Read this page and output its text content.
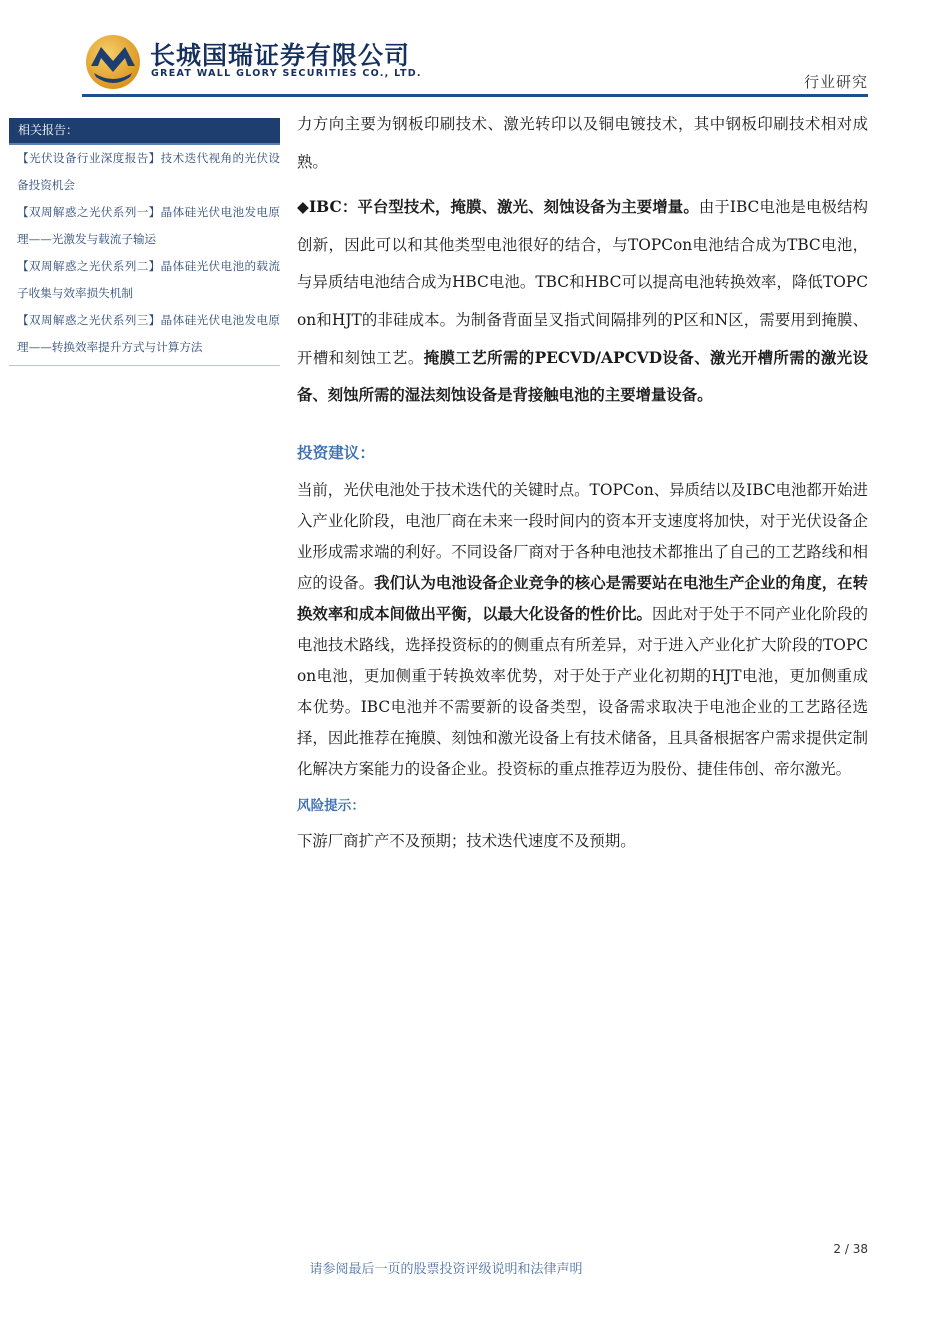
长城国瑞证券有限公司
GREAT WALL GLORY SECURITIES CO., LTD.	行业研究
相关报告：
【光伏设备行业深度报告】技术迭代视角的光伏设备投资机会
【双周解惑之光伏系列一】晶体硅光伏电池发电原理——光激发与载流子输运
【双周解惑之光伏系列二】晶体硅光伏电池的载流子收集与效率损失机制
【双周解惑之光伏系列三】晶体硅光伏电池发电原理——转换效率提升方式与计算方法

力方向主要为钢板印刷技术、激光转印以及铜电镀技术，其中钢板印刷技术相对成熟。

◆IBC：平台型技术，掩膜、激光、刻蚀设备为主要增量。由于IBC电池是电极结构创新，因此可以和其他类型电池很好的结合，与TOPCon电池结合成为TBC电池，与异质结电池结合成为HBC电池。TBC和HBC可以提高电池转换效率，降低TOPCon和HJT的非硅成本。为制备背面呈叉指式间隔排列的P区和N区，需要用到掩膜、开槽和刻蚀工艺。掩膜工艺所需的PECVD/APCVD设备、激光开槽所需的激光设备、刻蚀所需的湿法刻蚀设备是背接触电池的主要增量设备。

投资建议：

当前，光伏电池处于技术迭代的关键时点。TOPCon、异质结以及IBC电池都开始进入产业化阶段，电池厂商在未来一段时间内的资本开支速度将加快，对于光伏设备企业形成需求端的利好。不同设备厂商对于各种电池技术都推出了自己的工艺路线和相应的设备。我们认为电池设备企业竞争的核心是需要站在电池生产企业的角度，在转换效率和成本间做出平衡，以最大化设备的性价比。因此对于处于不同产业化阶段的电池技术路线，选择投资标的的侧重点有所差异，对于进入产业化扩大阶段的TOPCon电池，更加侧重于转换效率优势，对于处于产业化初期的HJT电池，更加侧重成本优势。IBC电池并不需要新的设备类型，设备需求取决于电池企业的工艺路径选择，因此推荐在掩膜、刻蚀和激光设备上有技术储备，且具备根据客户需求提供定制化解决方案能力的设备企业。投资标的重点推荐迈为股份、捷佳伟创、帝尔激光。

风险提示：

下游厂商扩产不及预期；技术迭代速度不及预期。

2 / 38
请参阅最后一页的股票投资评级说明和法律声明
